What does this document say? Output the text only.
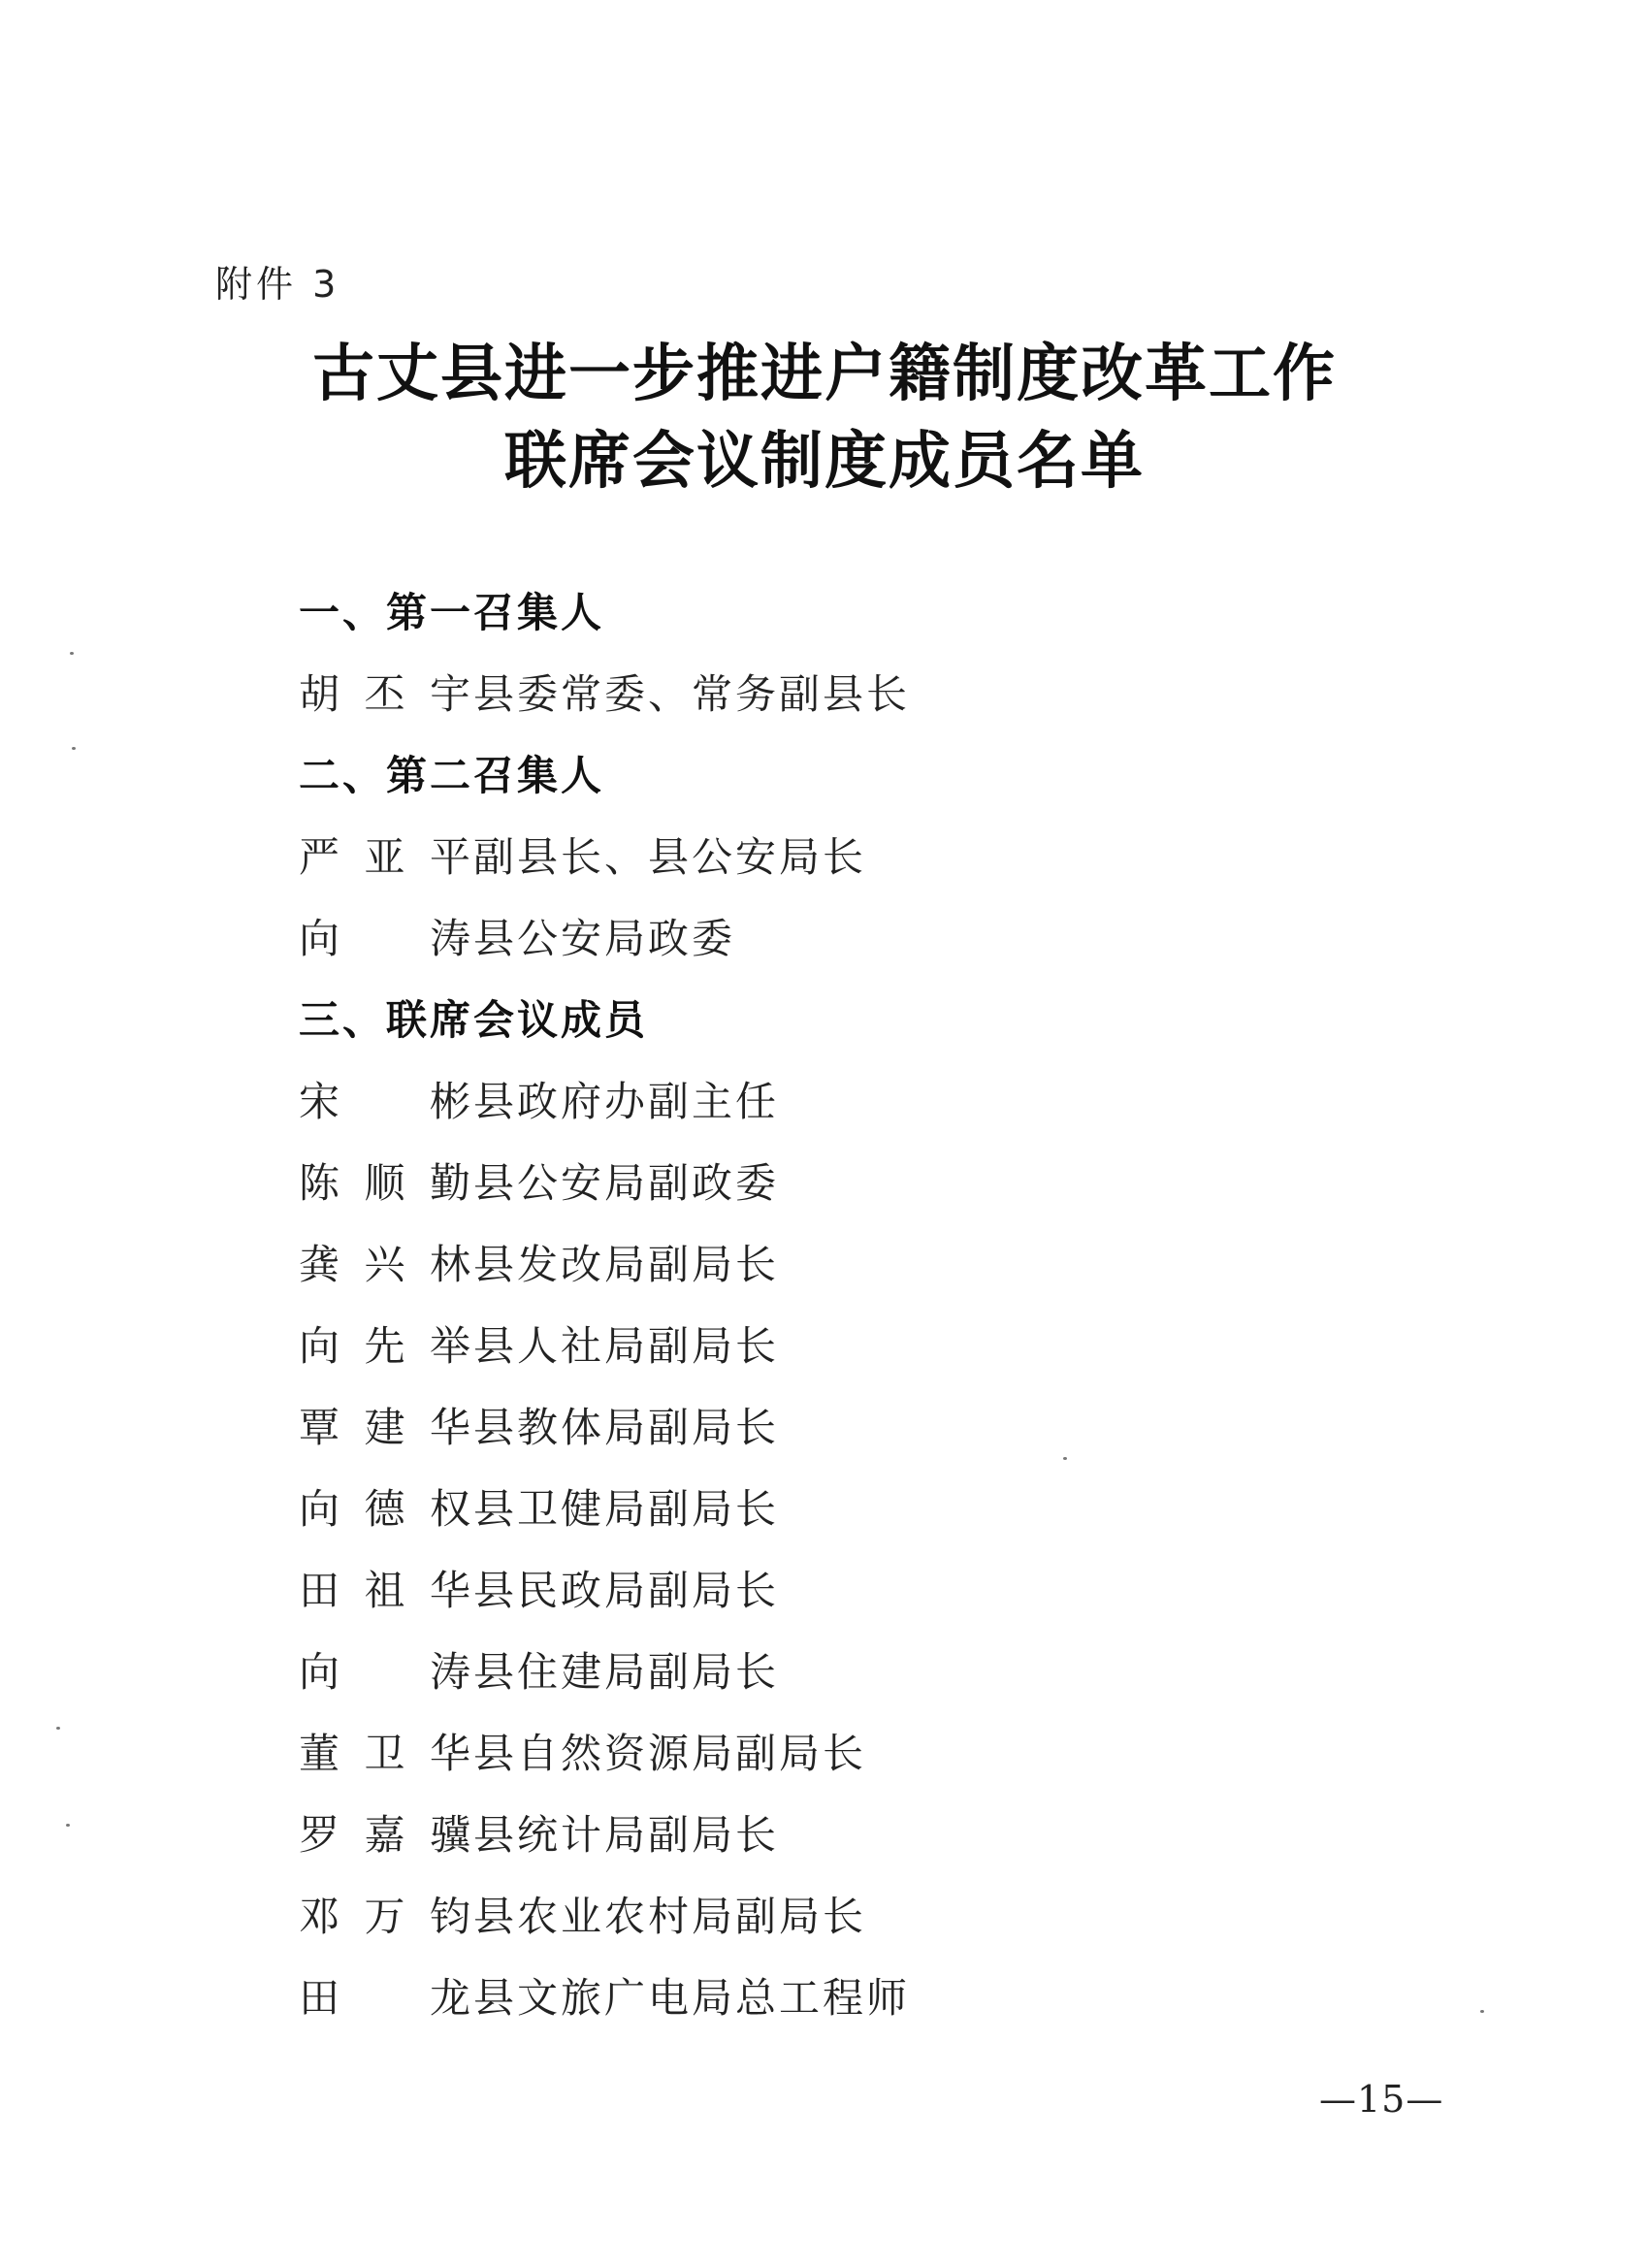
附件 3
古丈县进一步推进户籍制度改革工作
联席会议制度成员名单
一、第一召集人
胡丕宇县委常委、常务副县长
二、第二召集人
严亚平副县长、县公安局长
向涛县公安局政委
三、联席会议成员
宋彬县政府办副主任
陈顺勤县公安局副政委
龚兴林县发改局副局长
向先举县人社局副局长
覃建华县教体局副局长
向德权县卫健局副局长
田祖华县民政局副局长
向涛县住建局副局长
董卫华县自然资源局副局长
罗嘉骥县统计局副局长
邓万钧县农业农村局副局长
田龙县文旅广电局总工程师
—15—
